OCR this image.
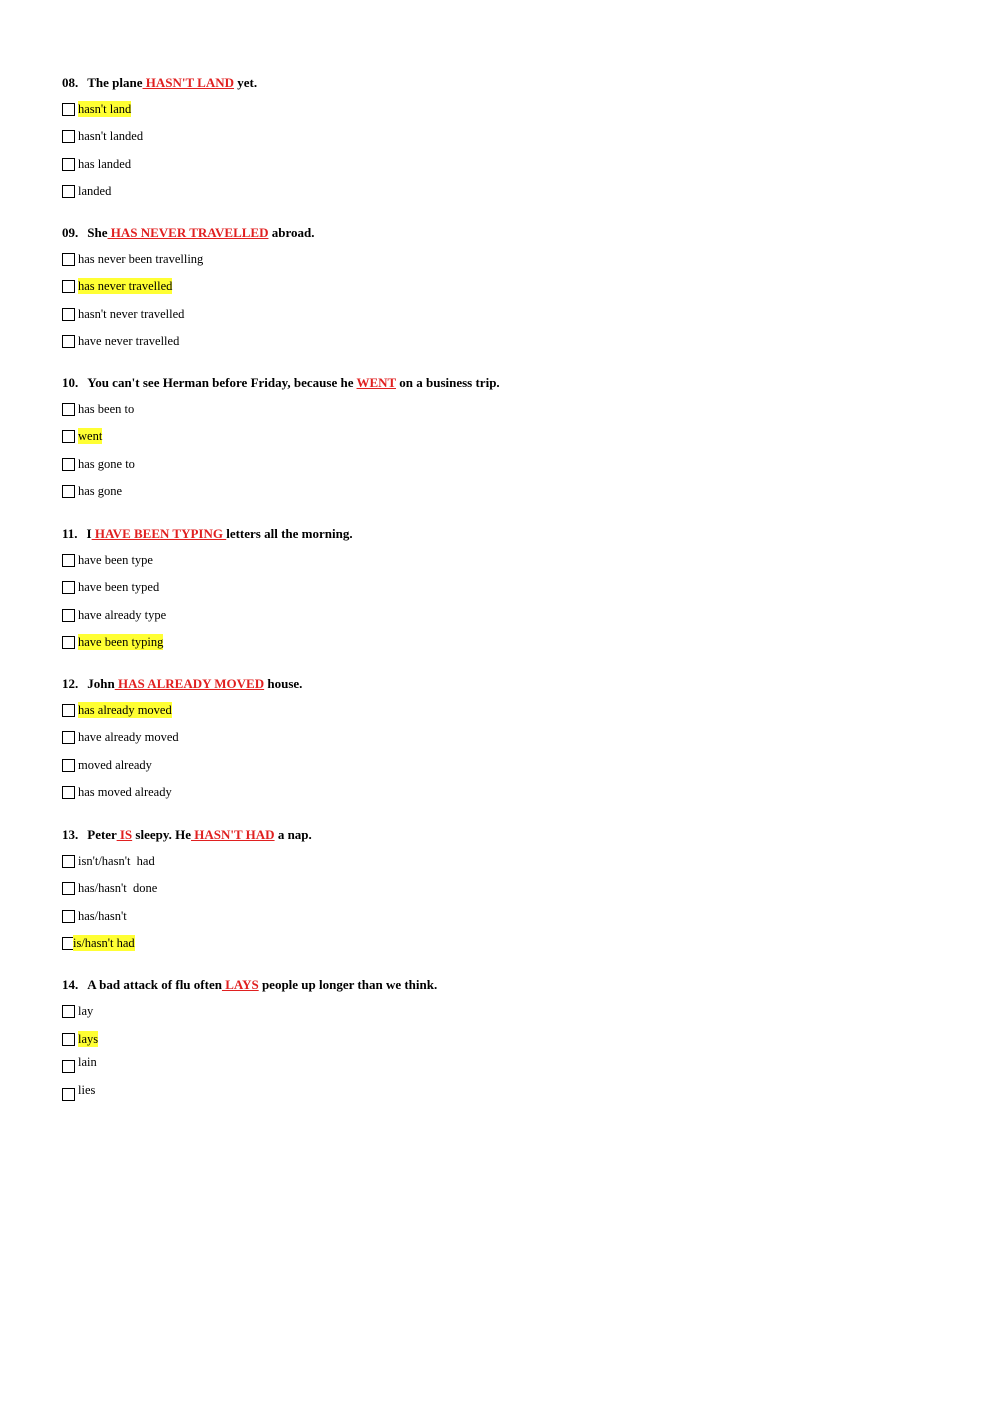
08. The plane HASN'T LAND yet.

hasn't land
hasn't landed
has landed
landed

09. She HAS NEVER TRAVELLED abroad.

has never been travelling
has never travelled
hasn't never travelled
have never travelled

10. You can't see Herman before Friday, because he WENT on a business trip.

has been to
went
has gone to
has gone

11. I HAVE BEEN TYPING letters all the morning.

have been type
have been typed
have already type
have been typing

12. John HAS ALREADY MOVED house.

has already moved
have already moved
moved already
has moved already

13. Peter IS sleepy. He HASN'T HAD a nap.

isn't/hasn't  had
has/hasn't  done
has/hasn't
is/hasn't had

14. A bad attack of flu often LAYS people up longer than we think.

lay
lays
lain
lies
